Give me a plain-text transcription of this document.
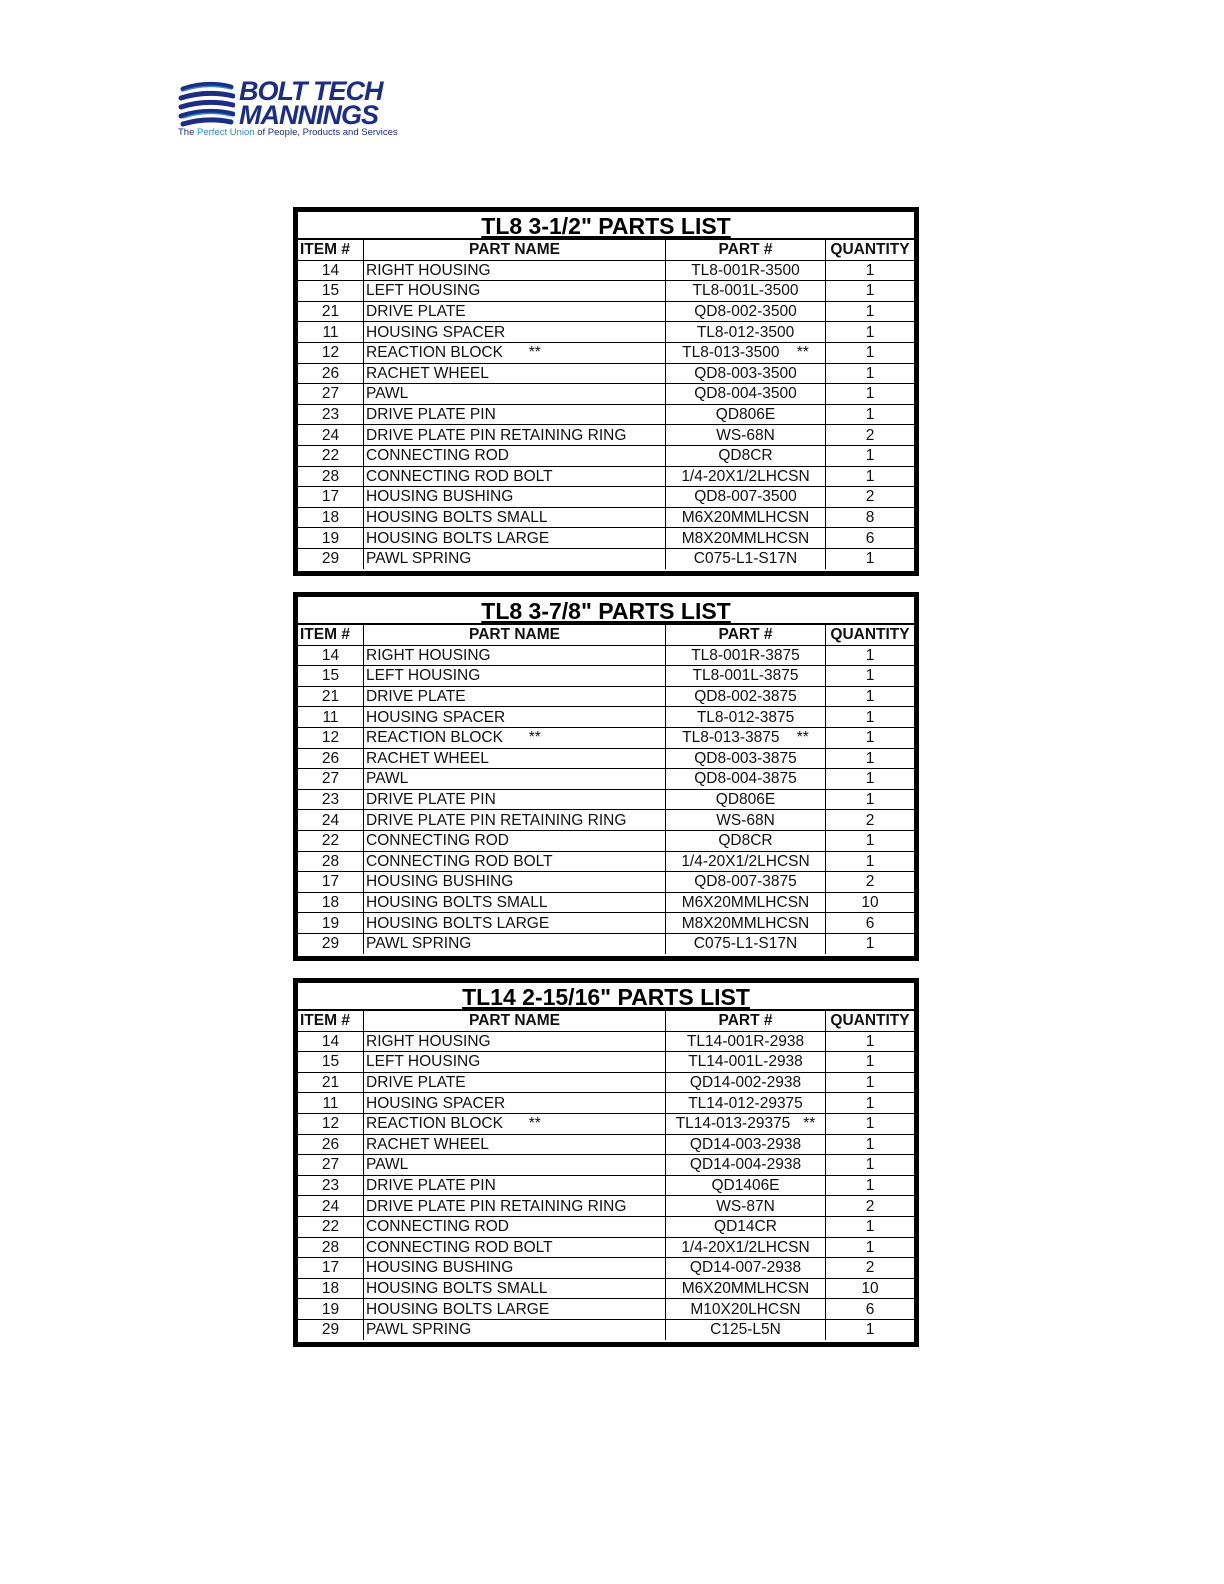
BOLT TECH
MANNINGS
The Perfect Union of People, Products and Services
TL8 3-1/2" PARTS LIST
ITEM #	PART NAME	PART #	QUANTITY
14	RIGHT HOUSING	TL8-001R-3500	1
15	LEFT HOUSING	TL8-001L-3500	1
21	DRIVE PLATE	QD8-002-3500	1
11	HOUSING SPACER	TL8-012-3500	1
12	REACTION BLOCK      **	TL8-013-3500    **	1
26	RACHET WHEEL	QD8-003-3500	1
27	PAWL	QD8-004-3500	1
23	DRIVE PLATE PIN	QD806E	1
24	DRIVE PLATE PIN RETAINING RING	WS-68N	2
22	CONNECTING ROD	QD8CR	1
28	CONNECTING ROD BOLT	1/4-20X1/2LHCSN	1
17	HOUSING BUSHING	QD8-007-3500	2
18	HOUSING BOLTS SMALL	M6X20MMLHCSN	8
19	HOUSING BOLTS LARGE	M8X20MMLHCSN	6
29	PAWL SPRING	C075-L1-S17N	1
TL8 3-7/8" PARTS LIST
ITEM #	PART NAME	PART #	QUANTITY
14	RIGHT HOUSING	TL8-001R-3875	1
15	LEFT HOUSING	TL8-001L-3875	1
21	DRIVE PLATE	QD8-002-3875	1
11	HOUSING SPACER	TL8-012-3875	1
12	REACTION BLOCK      **	TL8-013-3875    **	1
26	RACHET WHEEL	QD8-003-3875	1
27	PAWL	QD8-004-3875	1
23	DRIVE PLATE PIN	QD806E	1
24	DRIVE PLATE PIN RETAINING RING	WS-68N	2
22	CONNECTING ROD	QD8CR	1
28	CONNECTING ROD BOLT	1/4-20X1/2LHCSN	1
17	HOUSING BUSHING	QD8-007-3875	2
18	HOUSING BOLTS SMALL	M6X20MMLHCSN	10
19	HOUSING BOLTS LARGE	M8X20MMLHCSN	6
29	PAWL SPRING	C075-L1-S17N	1
TL14 2-15/16" PARTS LIST
ITEM #	PART NAME	PART #	QUANTITY
14	RIGHT HOUSING	TL14-001R-2938	1
15	LEFT HOUSING	TL14-001L-2938	1
21	DRIVE PLATE	QD14-002-2938	1
11	HOUSING SPACER	TL14-012-29375	1
12	REACTION BLOCK      **	TL14-013-29375   **	1
26	RACHET WHEEL	QD14-003-2938	1
27	PAWL	QD14-004-2938	1
23	DRIVE PLATE PIN	QD1406E	1
24	DRIVE PLATE PIN RETAINING RING	WS-87N	2
22	CONNECTING ROD	QD14CR	1
28	CONNECTING ROD BOLT	1/4-20X1/2LHCSN	1
17	HOUSING BUSHING	QD14-007-2938	2
18	HOUSING BOLTS SMALL	M6X20MMLHCSN	10
19	HOUSING BOLTS LARGE	M10X20LHCSN	6
29	PAWL SPRING	C125-L5N	1
